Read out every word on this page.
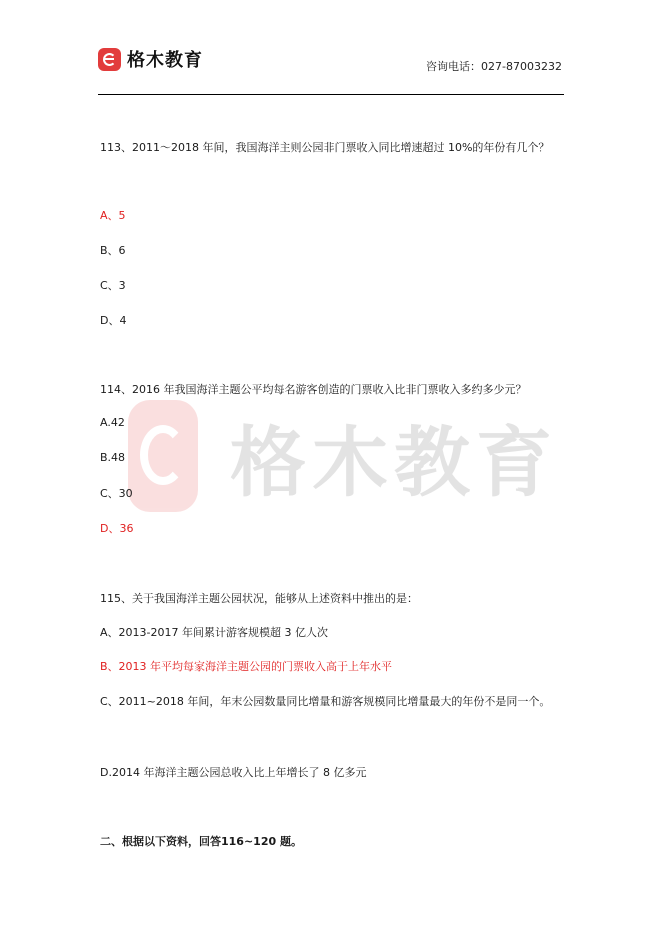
格木教育	咨询电话：027-87003232
格木教育
113、2011～2018 年间，我国海洋主则公园非门票收入同比增速超过 10%的年份有几个？
A、5
B、6
C、3
D、4
114、2016 年我国海洋主题公平均每名游客创造的门票收入比非门票收入多约多少元？
A.42
B.48
C、30
D、36
115、关于我国海洋主题公园状况，能够从上述资料中推出的是：
A、2013-2017 年间累计游客规模超 3 亿人次
B、2013 年平均每家海洋主题公园的门票收入高于上年水平
C、2011~2018 年间，年末公园数量同比增量和游客规模同比增量最大的年份不是同一个。
D.2014 年海洋主题公园总收入比上年增长了 8 亿多元
二、根据以下资料，回答116~120 题。
